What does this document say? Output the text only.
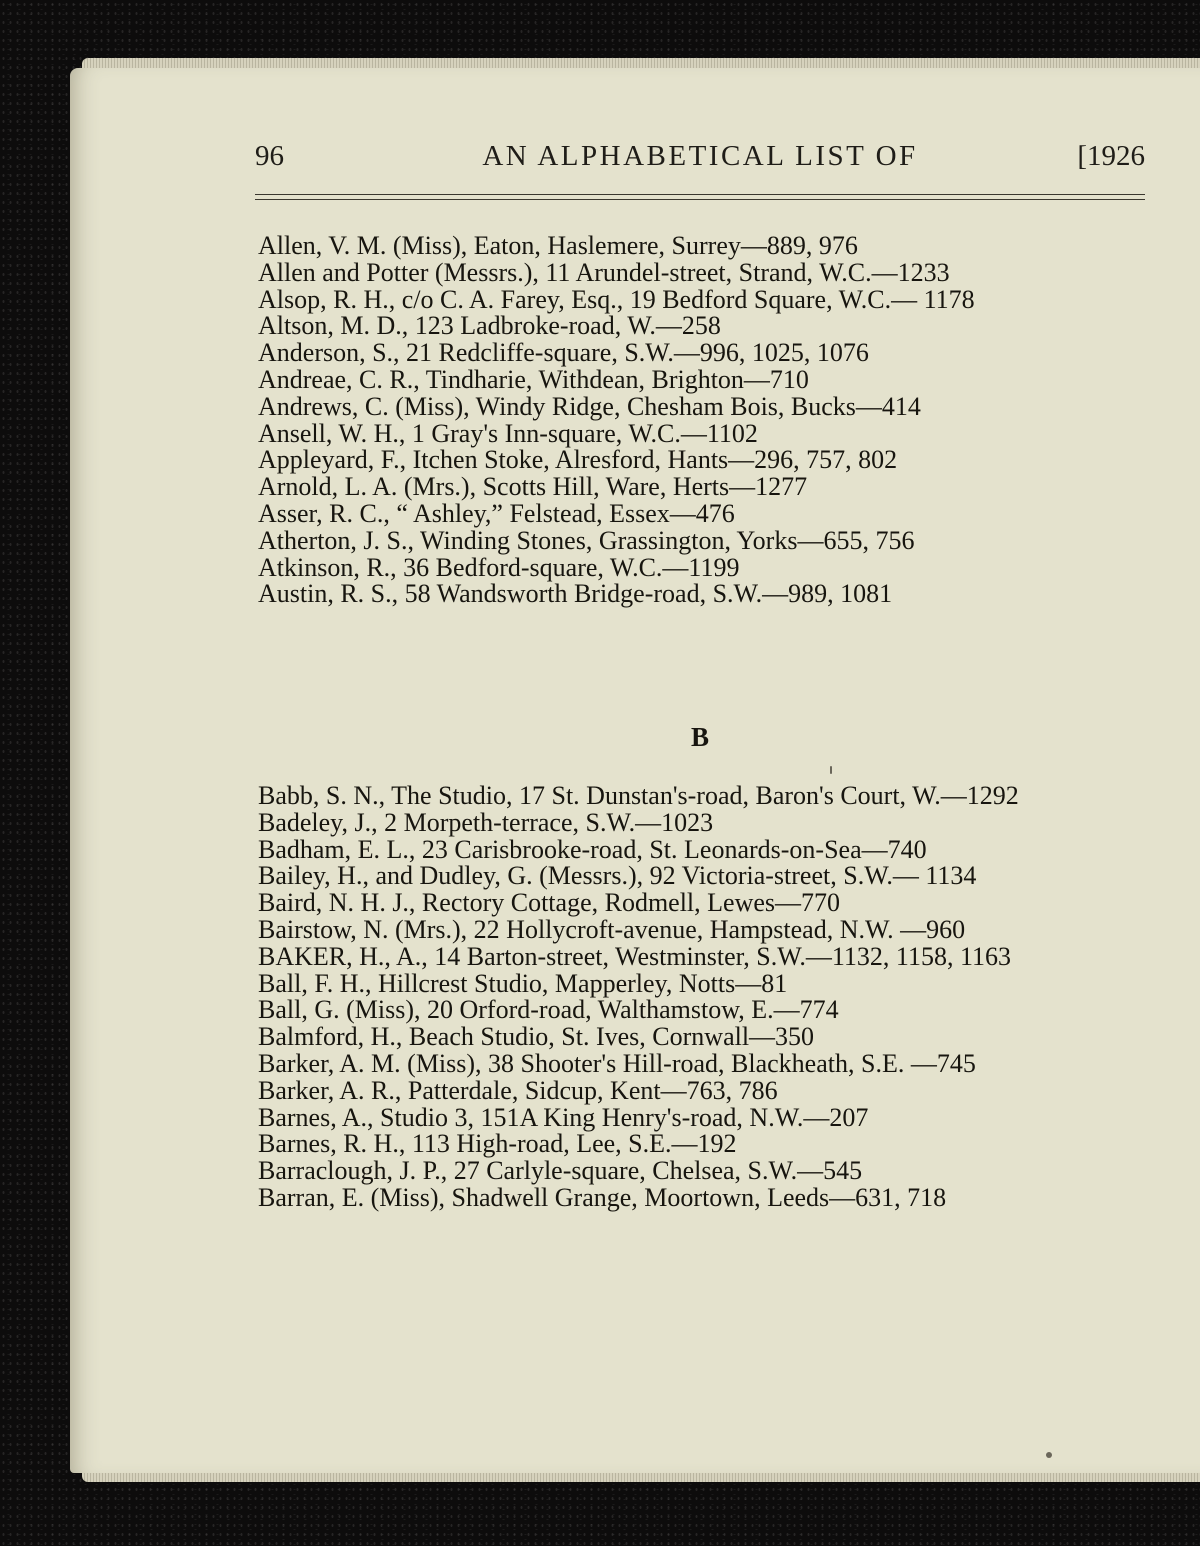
96	AN ALPHABETICAL LIST OF	[1926

Allen, V. M. (Miss), Eaton, Haslemere, Surrey—889, 976

Allen and Potter (Messrs.), 11 Arundel-street, Strand, W.C.—1233

Alsop, R. H., c/o C. A. Farey, Esq., 19 Bedford Square, W.C.— 1178

Altson, M. D., 123 Ladbroke-road, W.—258

Anderson, S., 21 Redcliffe-square, S.W.—996, 1025, 1076

Andreae, C. R., Tindharie, Withdean, Brighton—710

Andrews, C. (Miss), Windy Ridge, Chesham Bois, Bucks—414

Ansell, W. H., 1 Gray's Inn-square, W.C.—1102

Appleyard, F., Itchen Stoke, Alresford, Hants—296, 757, 802

Arnold, L. A. (Mrs.), Scotts Hill, Ware, Herts—1277

Asser, R. C., “ Ashley,” Felstead, Essex—476

Atherton, J. S., Winding Stones, Grassington, Yorks—655, 756

Atkinson, R., 36 Bedford-square, W.C.—1199

Austin, R. S., 58 Wandsworth Bridge-road, S.W.—989, 1081

B

Babb, S. N., The Studio, 17 St. Dunstan's-road, Baron's Court, W.—1292

Badeley, J., 2 Morpeth-terrace, S.W.—1023

Badham, E. L., 23 Carisbrooke-road, St. Leonards-on-Sea—740

Bailey, H., and Dudley, G. (Messrs.), 92 Victoria-street, S.W.— 1134

Baird, N. H. J., Rectory Cottage, Rodmell, Lewes—770

Bairstow, N. (Mrs.), 22 Hollycroft-avenue, Hampstead, N.W. —960

BAKER, H., A., 14 Barton-street, Westminster, S.W.—1132, 1158, 1163

Ball, F. H., Hillcrest Studio, Mapperley, Notts—81

Ball, G. (Miss), 20 Orford-road, Walthamstow, E.—774

Balmford, H., Beach Studio, St. Ives, Cornwall—350

Barker, A. M. (Miss), 38 Shooter's Hill-road, Blackheath, S.E. —745

Barker, A. R., Patterdale, Sidcup, Kent—763, 786

Barnes, A., Studio 3, 151A King Henry's-road, N.W.—207

Barnes, R. H., 113 High-road, Lee, S.E.—192

Barraclough, J. P., 27 Carlyle-square, Chelsea, S.W.—545

Barran, E. (Miss), Shadwell Grange, Moortown, Leeds—631, 718
